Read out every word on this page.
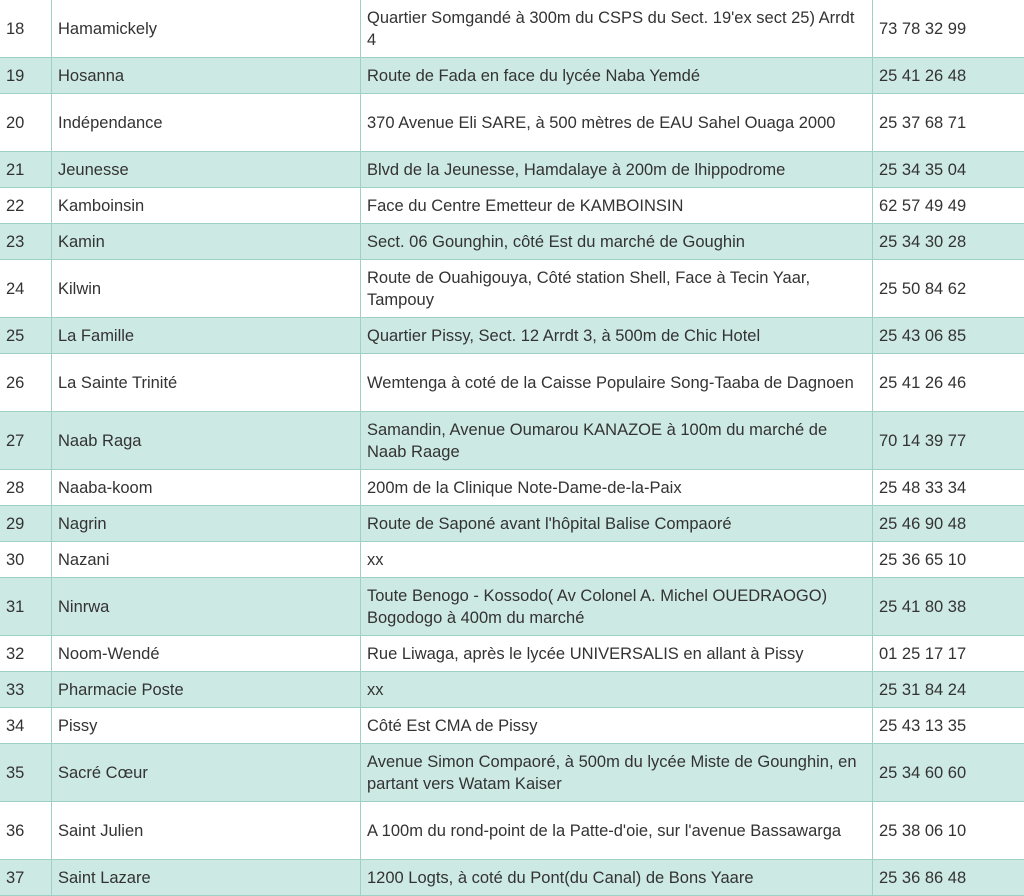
18	Hamamickely	Quartier Somgandé à 300m du CSPS du Sect. 19'ex sect 25) Arrdt 4	73 78 32 99
19	Hosanna	Route de Fada en face du lycée Naba Yemdé	25 41 26 48
20	Indépendance	370 Avenue Eli SARE, à 500 mètres de EAU Sahel Ouaga 2000	25 37 68 71
21	Jeunesse	Blvd de la Jeunesse, Hamdalaye à 200m de lhippodrome	25 34 35 04
22	Kamboinsin	Face du Centre Emetteur de KAMBOINSIN	62 57 49 49
23	Kamin	Sect. 06 Gounghin, côté Est du marché de Goughin	25 34 30 28
24	Kilwin	Route de Ouahigouya, Côté station Shell, Face à Tecin Yaar, Tampouy	25 50 84 62
25	La Famille	Quartier Pissy, Sect. 12 Arrdt 3, à 500m de Chic Hotel	25 43 06 85
26	La Sainte Trinité	Wemtenga à coté de la Caisse Populaire Song-Taaba de Dagnoen	25 41 26 46
27	Naab Raga	Samandin, Avenue Oumarou KANAZOE à 100m du marché de Naab Raage	70 14 39 77
28	Naaba-koom	200m de la Clinique Note-Dame-de-la-Paix	25 48 33 34
29	Nagrin	Route de Saponé avant l'hôpital Balise Compaoré	25 46 90 48
30	Nazani	xx	25 36 65 10
31	Ninrwa	Toute Benogo - Kossodo( Av Colonel A. Michel OUEDRAOGO) Bogodogo à 400m du marché	25 41 80 38
32	Noom-Wendé	Rue Liwaga, après le lycée UNIVERSALIS en allant à Pissy	01 25 17 17
33	Pharmacie Poste	xx	25 31 84 24
34	Pissy	Côté Est CMA de Pissy	25 43 13 35
35	Sacré Cœur	Avenue Simon Compaoré, à 500m du lycée Miste de Gounghin, en partant vers Watam Kaiser	25 34 60 60
36	Saint Julien	A 100m du rond-point de la Patte-d'oie, sur l'avenue Bassawarga	25 38 06 10
37	Saint Lazare	1200 Logts, à coté du Pont(du Canal) de Bons Yaare	25 36 86 48
